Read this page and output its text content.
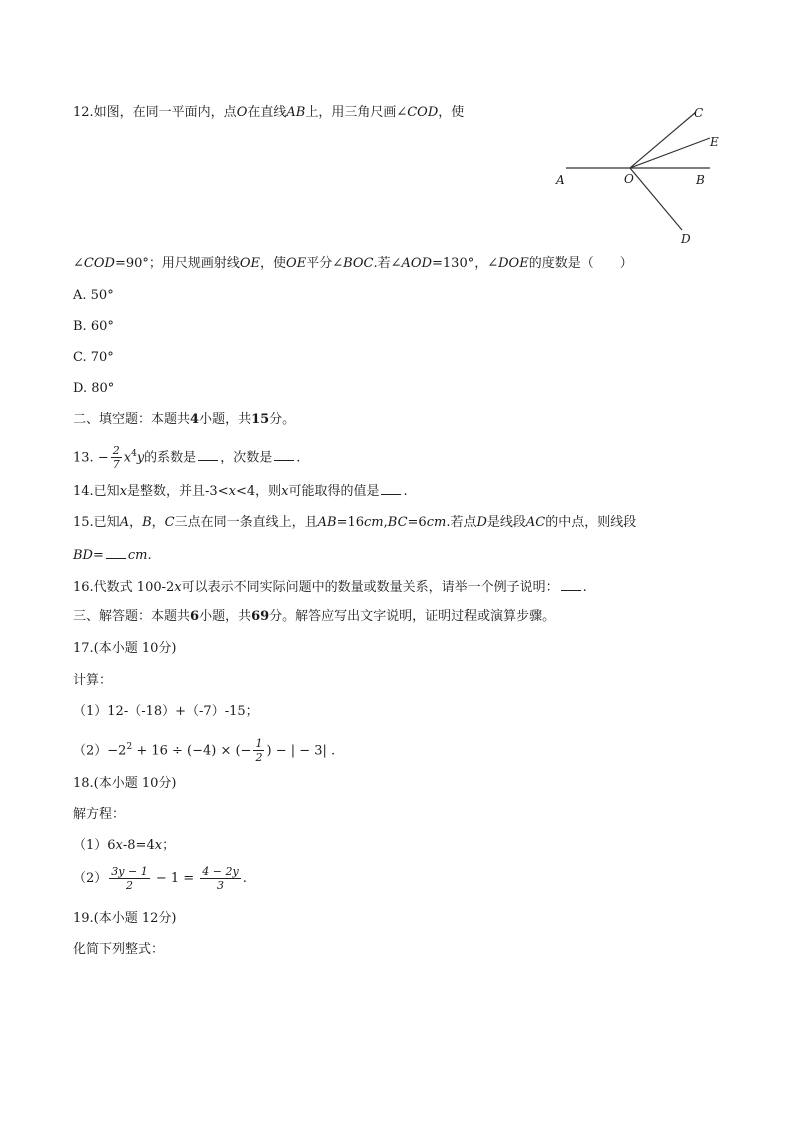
12.如图，在同一平面内，点O在直线AB上，用三角尺画∠COD，使
A	O	B
C
E
D
∠COD=90°；用尺规画射线OE，使OE平分∠BOC.若∠AOD=130°，∠DOE的度数是（　　）
A. 50°
B. 60°
C. 70°
D. 80°
二、填空题：本题共4小题，共15分。
13. − $\frac{2}{7} x^4y$的系数是 ，次数是 .
14.已知x是整数，并且-3<x<4，则x可能取得的值是 .
15.已知A，B，C三点在同一条直线上，且AB=16cm,BC=6cm.若点D是线段AC的中点，则线段
BD= cm.
16.代数式 100-2x可以表示不同实际问题中的数量或数量关系，请举一个例子说明： .
三、解答题：本题共6小题，共69分。解答应写出文字说明，证明过程或演算步骤。
17.(本小题 10分)
计算：
（1）12-（-18）+（-7）-15；
$(2)-2^2 + 16 \div (-4)$ × (− $\frac{1}{2}$ ) − | − 3| .
18.(本小题 10分)
解方程：
（1）6x-8=4x；
$(2) \frac{3y - 1}{2} - 1 = \frac{4 - 2y}{3}$ .
19.(本小题 12分)
化简下列整式：
